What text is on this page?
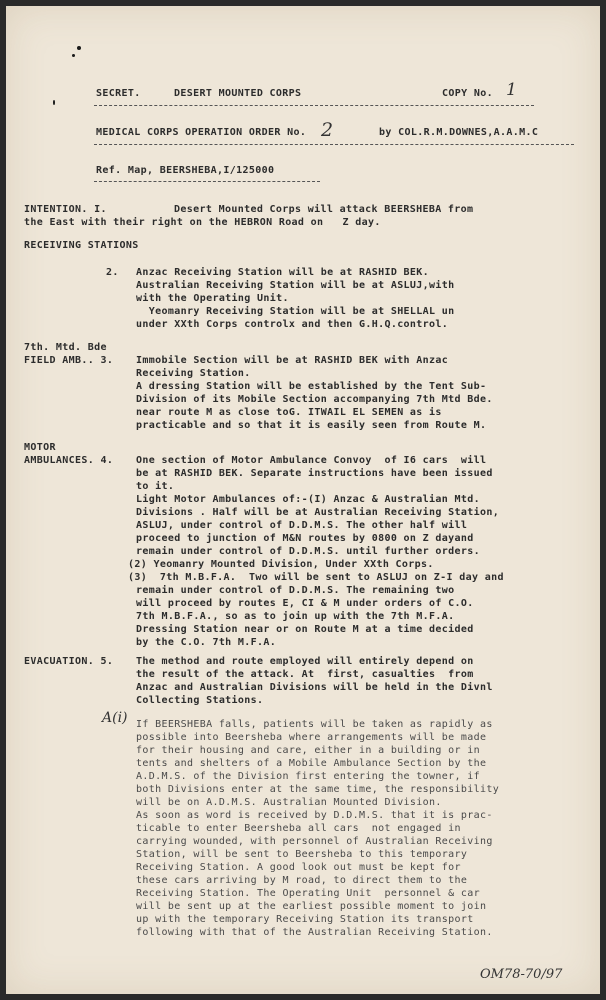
SECRET.	DESERT MOUNTED CORPS	COPY No. 1
MEDICAL CORPS OPERATION ORDER No. 2	by COL.R.M.DOWNES,A.A.M.C
Ref. Map, BEERSHEBA,I/125000
INTENTION. I.	Desert Mounted Corps will attack BEERSHEBA from
the East with their right on the HEBRON Road on   Z day.
RECEIVING STATIONS
2. Anzac Receiving Station will be at RASHID BEK.
Australian Receiving Station will be at ASLUJ,with
with the Operating Unit.
Yeomanry Receiving Station will be at SHELLAL un
under XXth Corps controlx and then G.H.Q.control.
7th. Mtd. Bde
FIELD AMB.. 3. Immobile Section will be at RASHID BEK with Anzac
Receiving Station.
A dressing Station will be established by the Tent Sub-
Division of its Mobile Section accompanying 7th Mtd Bde.
near route M as close toG. ITWAIL EL SEMEN as is
practicable and so that it is easily seen from Route M.
MOTOR
AMBULANCES. 4. One section of Motor Ambulance Convoy  of I6 cars  will
be at RASHID BEK. Separate instructions have been issued
to it.
Light Motor Ambulances of:-(I) Anzac & Australian Mtd.
Divisions . Half will be at Australian Receiving Station,
ASLUJ, under control of D.D.M.S. The other half will
proceed to junction of M&N routes by 0800 on Z dayand
remain under control of D.D.M.S. until further orders.
(2) Yeomanry Mounted Division, Under XXth Corps.
(3)  7th M.B.F.A.  Two will be sent to ASLUJ on Z-I day and
remain under control of D.D.M.S. The remaining two
will proceed by routes E, CI & M under orders of C.O.
7th M.B.F.A., so as to join up with the 7th M.F.A.
Dressing Station near or on Route M at a time decided
by the C.O. 7th M.F.A.
EVACUATION. 5. The method and route employed will entirely depend on
the result of the attack. At  first, casualties  from
Anzac and Australian Divisions will be held in the Divnl
Collecting Stations.
A(i) If BEERSHEBA falls, patients will be taken as rapidly as
possible into Beersheba where arrangements will be made
for their housing and care, either in a building or in
tents and shelters of a Mobile Ambulance Section by the
A.D.M.S. of the Division first entering the towner, if
both Divisions enter at the same time, the responsibility
will be on A.D.M.S. Australian Mounted Division.
As soon as word is received by D.D.M.S. that it is prac-
ticable to enter Beersheba all cars  not engaged in
carrying wounded, with personnel of Australian Receiving
Station, will be sent to Beersheba to this temporary
Receiving Station. A good look out must be kept for
these cars arriving by M road, to direct them to the
Receiving Station. The Operating Unit  personnel & car
will be sent up at the earliest possible moment to join
up with the temporary Receiving Station its transport
following with that of the Australian Receiving Station.
OM78-70/97
